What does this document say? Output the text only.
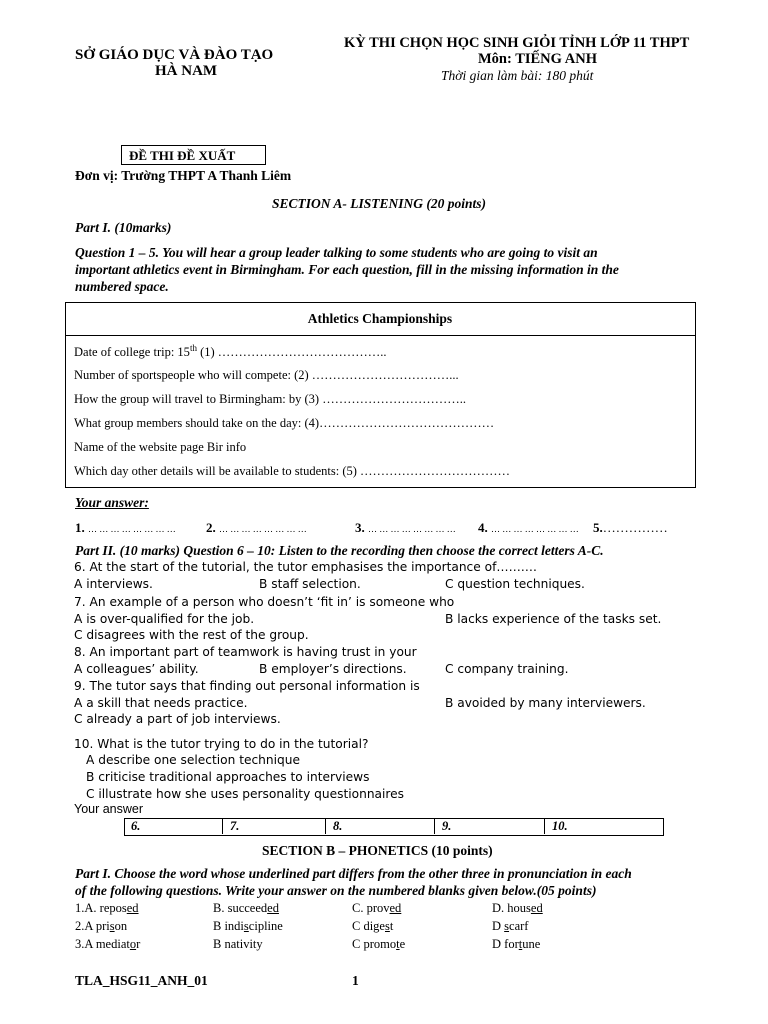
SỞ GIÁO DỤC VÀ ĐÀO TẠO
HÀ NAM
KỲ THI CHỌN HỌC SINH GIỎI TỈNH LỚP 11 THPT
Môn: TIẾNG ANH
Thời gian làm bài: 180 phút
ĐỀ THI ĐỀ XUẤT
Đơn vị: Trường THPT A Thanh Liêm
SECTION A- LISTENING (20 points)
Part I. (10marks)
Question 1 – 5. You will hear a group leader talking to some students who are going to visit an
important athletics event in Birmingham. For each question, fill in the missing information in the
numbered space.
Athletics Championships
Date of college trip: 15th (1) …………………………………..
Number of sportspeople who will compete: (2) ……………………………...
How the group will travel to Birmingham: by (3) ……………………………..
What group members should take on the day: (4)……………………………………
Name of the website page Bir info
Which day other details will be available to students: (5) ………………………………
Your answer:
1. … … … … … … … … 2. … … … … … … … …	3. … … … … … … … … 4. … … … … … … … … 5.……………
Part II. (10 marks) Question 6 – 10: Listen to the recording then choose the correct letters A-C.
6. At the start of the tutorial, the tutor emphasises the importance of……….
A interviews.	B staff selection.	C question techniques.
7. An example of a person who doesn’t ‘fit in’ is someone who
A is over-qualified for the job.	B lacks experience of the tasks set.
C disagrees with the rest of the group.
8. An important part of teamwork is having trust in your
A colleagues’ ability.	B employer’s directions.	C company training.
9. The tutor says that finding out personal information is
A a skill that needs practice.	B avoided by many interviewers.
C already a part of job interviews.
10. What is the tutor trying to do in the tutorial?
A describe one selection technique
B criticise traditional approaches to interviews
C illustrate how she uses personality questionnaires
Your answer
6.	7.	8.	9.	10.
SECTION B – PHONETICS (10 points)
Part I. Choose the word whose underlined part differs from the other three in pronunciation in each
of the following questions. Write your answer on the numbered blanks given below.(05 points)
1.A. reposed	B. succeeded	C. proved	D. housed
2.A prison	B indiscipline	C digest	D scarf
3.A mediator	B nativity	C promote	D fortune
TLA_HSG11_ANH_01	1
